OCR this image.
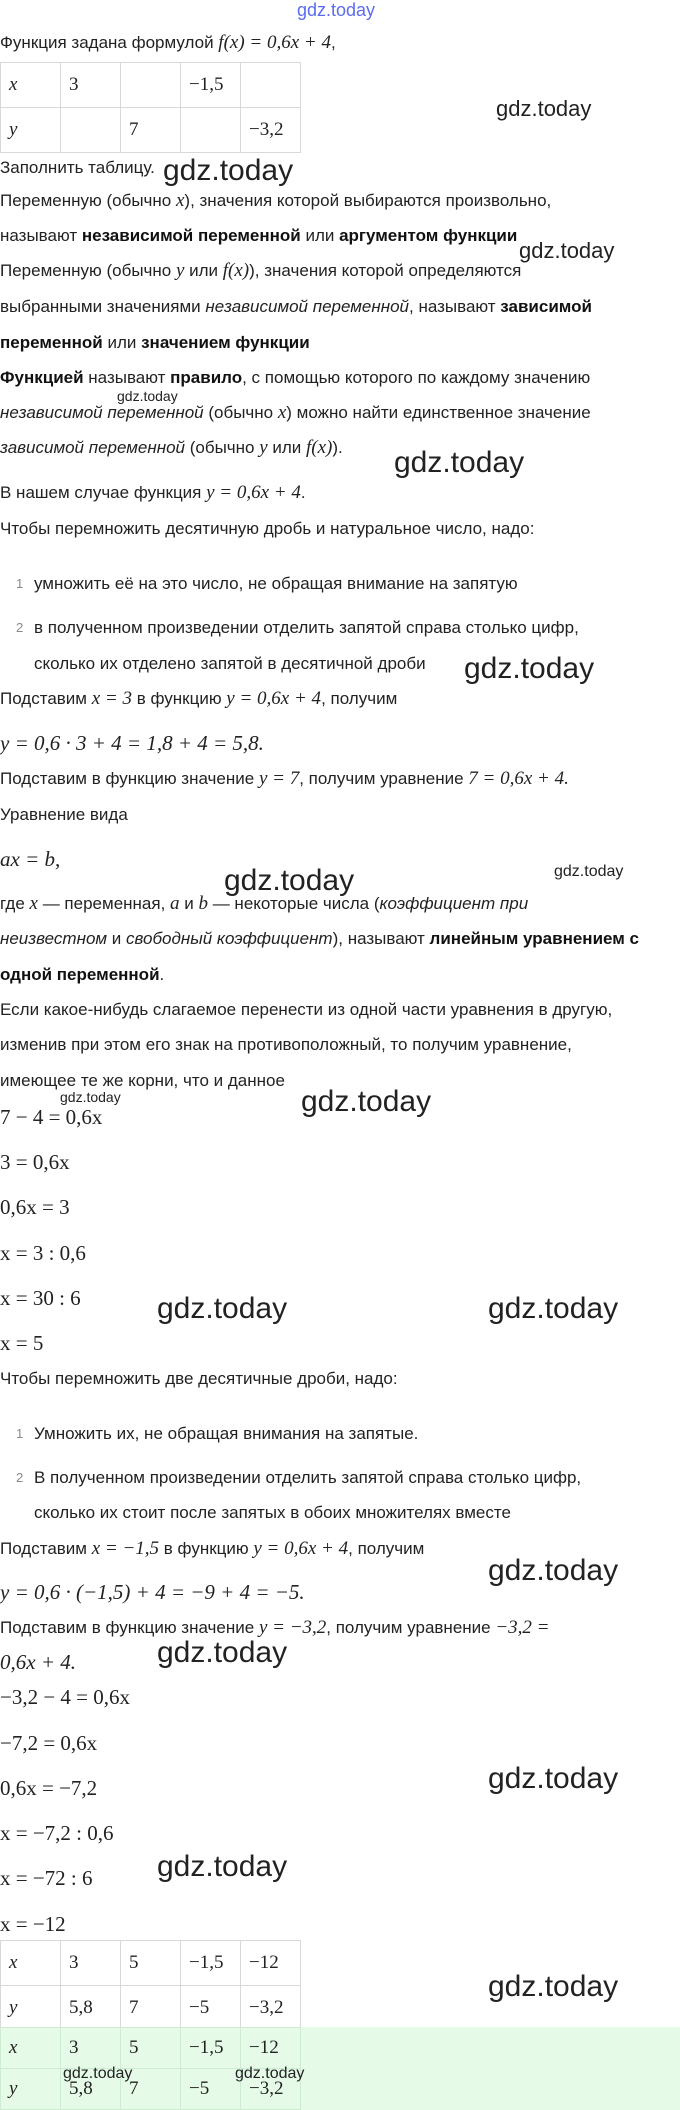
gdz.today
Функция задана формулой f(x) = 0,6x + 4,
x	3		−1,5	
y		7		−3,2
gdz.today
Заполнить таблицу. gdz.today
Переменную (обычно x), значения которой выбираются произвольно,
называют независимой переменной или аргументом функции
gdz.today
Переменную (обычно y или f(x)), значения которой определяются
выбранными значениями независимой переменной, называют зависимой
переменной или значением функции
Функцией называют правило, с помощью которого по каждому значению
gdz.today
независимой переменной (обычно x) можно найти единственное значение
зависимой переменной (обычно y или f(x)).	gdz.today
В нашем случае функция y = 0,6x + 4.
Чтобы перемножить десятичную дробь и натуральное число, надо:
1 умножить её на это число, не обращая внимание на запятую
2 в полученном произведении отделить запятой справа столько цифр,
сколько их отделено запятой в десятичной дроби gdz.today
Подставим x = 3 в функцию y = 0,6x + 4, получим
y = 0,6 · 3 + 4 = 1,8 + 4 = 5,8.
Подставим в функцию значение y = 7, получим уравнение 7 = 0,6x + 4.
Уравнение вида
ax = b,
gdz.today
gdz.today
где x — переменная, a и b — некоторые числа (коэффициент при
неизвестном и свободный коэффициент), называют линейным уравнением с
одной переменной.
Если какое-нибудь слагаемое перенести из одной части уравнения в другую,
изменив при этом его знак на противоположный, то получим уравнение,
имеющее те же корни, что и данное
gdz.today	gdz.today
7 − 4 = 0,6x
3 = 0,6x
0,6x = 3
x = 3 : 0,6
x = 30 : 6	gdz.today	gdz.today
x = 5
Чтобы перемножить две десятичные дроби, надо:
1 Умножить их, не обращая внимания на запятые.
2 В полученном произведении отделить запятой справа столько цифр,
сколько их стоит после запятых в обоих множителях вместе
Подставим x = −1,5 в функцию y = 0,6x + 4, получим
gdz.today
y = 0,6 · (−1,5) + 4 = −9 + 4 = −5.
Подставим в функцию значение y = −3,2, получим уравнение −3,2 =
0,6x + 4.	gdz.today
−3,2 − 4 = 0,6x
−7,2 = 0,6x
0,6x = −7,2	gdz.today
x = −7,2 : 0,6
x = −72 : 6 gdz.today
x = −12
x	3	5	−1,5	−12
y	5,8	7	−5	−3,2
gdz.today
x	3	5	−1,5	−12
y	5,8	7	−5	−3,2
gdz.today	gdz.today
